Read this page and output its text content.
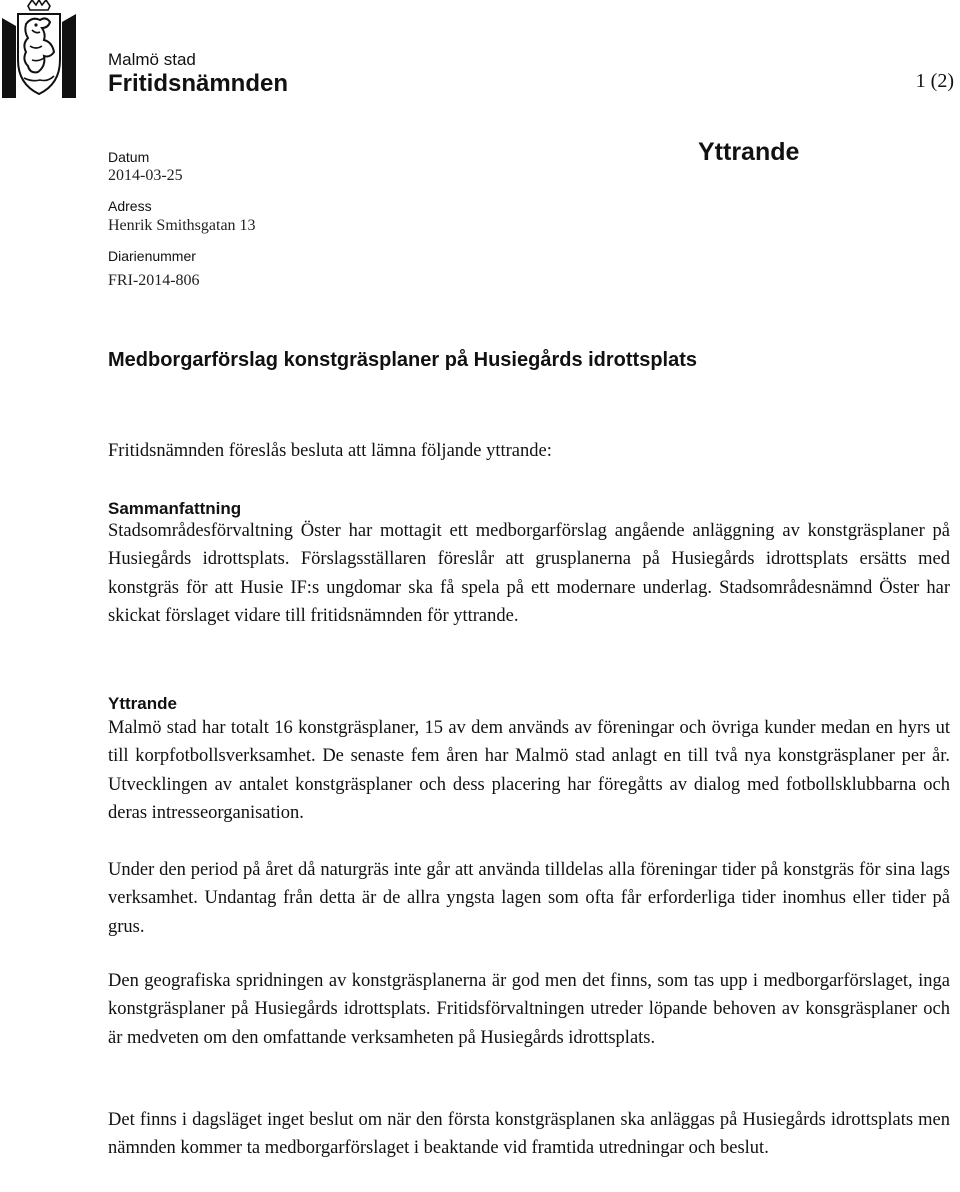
Malmö stad
Fritidsnämnden	1 (2)
Datum
2014-03-25
Adress
Henrik Smithsgatan 13
Diarienummer
FRI-2014-806
Yttrande
Medborgarförslag konstgräsplaner på Husiegårds idrottsplats

Fritidsnämnden föreslås besluta att lämna följande yttrande:

Sammanfattning

Stadsområdesförvaltning Öster har mottagit ett medborgarförslag angående anläggning av konstgräsplaner på Husiegårds idrottsplats. Förslagsställaren föreslår att grusplanerna på Husiegårds idrottsplats ersätts med konstgräs för att Husie IF:s ungdomar ska få spela på ett modernare underlag. Stadsområdesnämnd Öster har skickat förslaget vidare till fritidsnämnden för yttrande.

Yttrande

Malmö stad har totalt 16 konstgräsplaner, 15 av dem används av föreningar och övriga kunder medan en hyrs ut till korpfotbollsverksamhet. De senaste fem åren har Malmö stad anlagt en till två nya konstgräsplaner per år. Utvecklingen av antalet konstgräsplaner och dess placering har föregåtts av dialog med fotbollsklubbarna och deras intresseorganisation.

Under den period på året då naturgräs inte går att använda tilldelas alla föreningar tider på konstgräs för sina lags verksamhet. Undantag från detta är de allra yngsta lagen som ofta får erforderliga tider inomhus eller tider på grus.

Den geografiska spridningen av konstgräsplanerna är god men det finns, som tas upp i medborgarförslaget, inga konstgräsplaner på Husiegårds idrottsplats. Fritidsförvaltningen utreder löpande behoven av konsgräsplaner och är medveten om den omfattande verksamheten på Husiegårds idrottsplats.

Det finns i dagsläget inget beslut om när den första konstgräsplanen ska anläggas på Husiegårds idrottsplats men nämnden kommer ta medborgarförslaget i beaktande vid framtida utredningar och beslut.
